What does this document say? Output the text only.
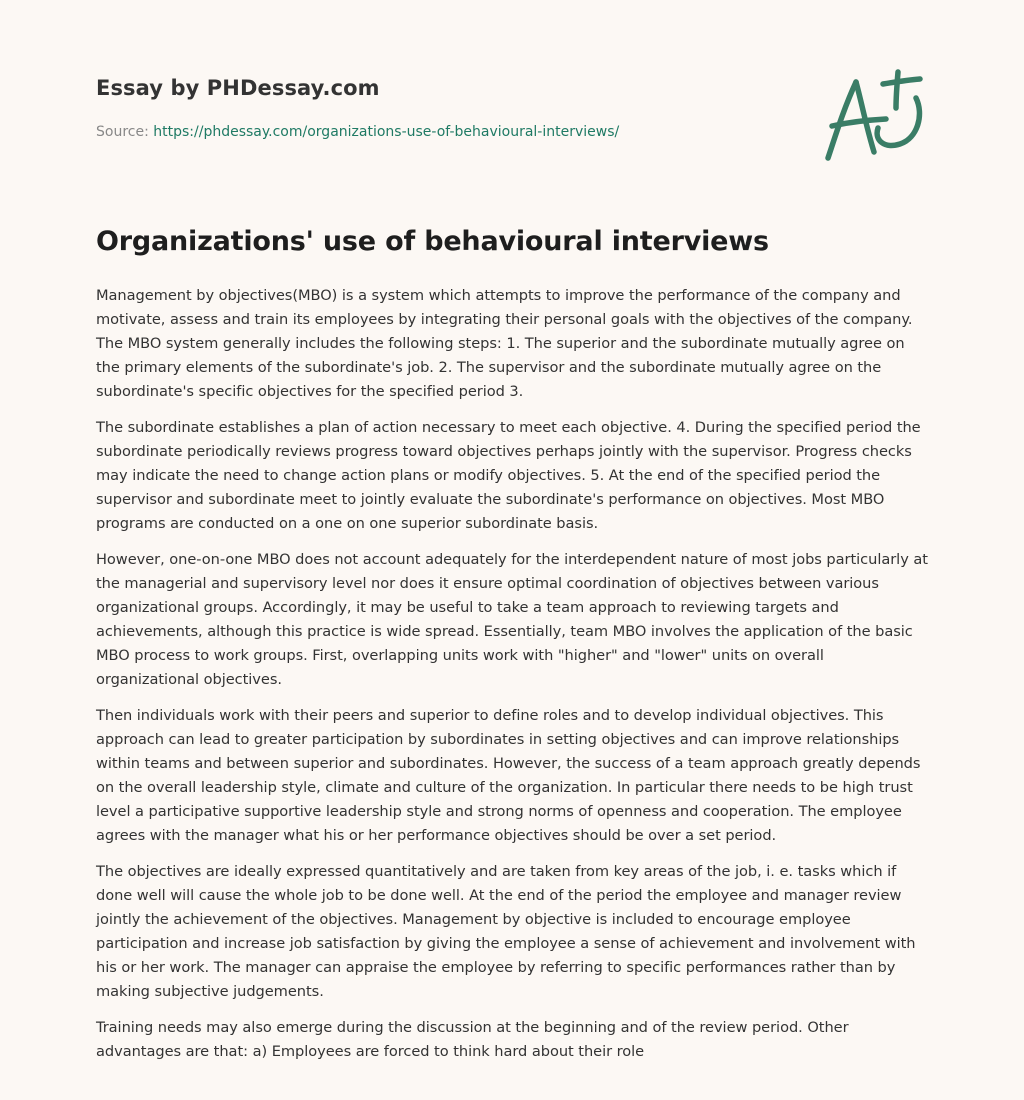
Essay by PHDessay.com
Source: https://phdessay.com/organizations-use-of-behavioural-interviews/
Organizations' use of behavioural interviews

Management by objectives(MBO) is a system which attempts to improve the performance of the company and motivate, assess and train its employees by integrating their personal goals with the objectives of the company. The MBO system generally includes the following steps: 1. The superior and the subordinate mutually agree on the primary elements of the subordinate's job. 2. The supervisor and the subordinate mutually agree on the subordinate's specific objectives for the specified period 3.

The subordinate establishes a plan of action necessary to meet each objective. 4. During the specified period the subordinate periodically reviews progress toward objectives perhaps jointly with the supervisor. Progress checks may indicate the need to change action plans or modify objectives. 5. At the end of the specified period the supervisor and subordinate meet to jointly evaluate the subordinate's performance on objectives. Most MBO programs are conducted on a one on one superior subordinate basis.

However, one-on-one MBO does not account adequately for the interdependent nature of most jobs particularly at the managerial and supervisory level nor does it ensure optimal coordination of objectives between various organizational groups. Accordingly, it may be useful to take a team approach to reviewing targets and achievements, although this practice is wide spread. Essentially, team MBO involves the application of the basic MBO process to work groups. First, overlapping units work with "higher" and "lower" units on overall organizational objectives.

Then individuals work with their peers and superior to define roles and to develop individual objectives. This approach can lead to greater participation by subordinates in setting objectives and can improve relationships within teams and between superior and subordinates. However, the success of a team approach greatly depends on the overall leadership style, climate and culture of the organization. In particular there needs to be high trust level a participative supportive leadership style and strong norms of openness and cooperation. The employee agrees with the manager what his or her performance objectives should be over a set period.

The objectives are ideally expressed quantitatively and are taken from key areas of the job, i. e. tasks which if done well will cause the whole job to be done well. At the end of the period the employee and manager review jointly the achievement of the objectives. Management by objective is included to encourage employee participation and increase job satisfaction by giving the employee a sense of achievement and involvement with his or her work. The manager can appraise the employee by referring to specific performances rather than by making subjective judgements.

Training needs may also emerge during the discussion at the beginning and of the review period. Other advantages are that: a) Employees are forced to think hard about their role
